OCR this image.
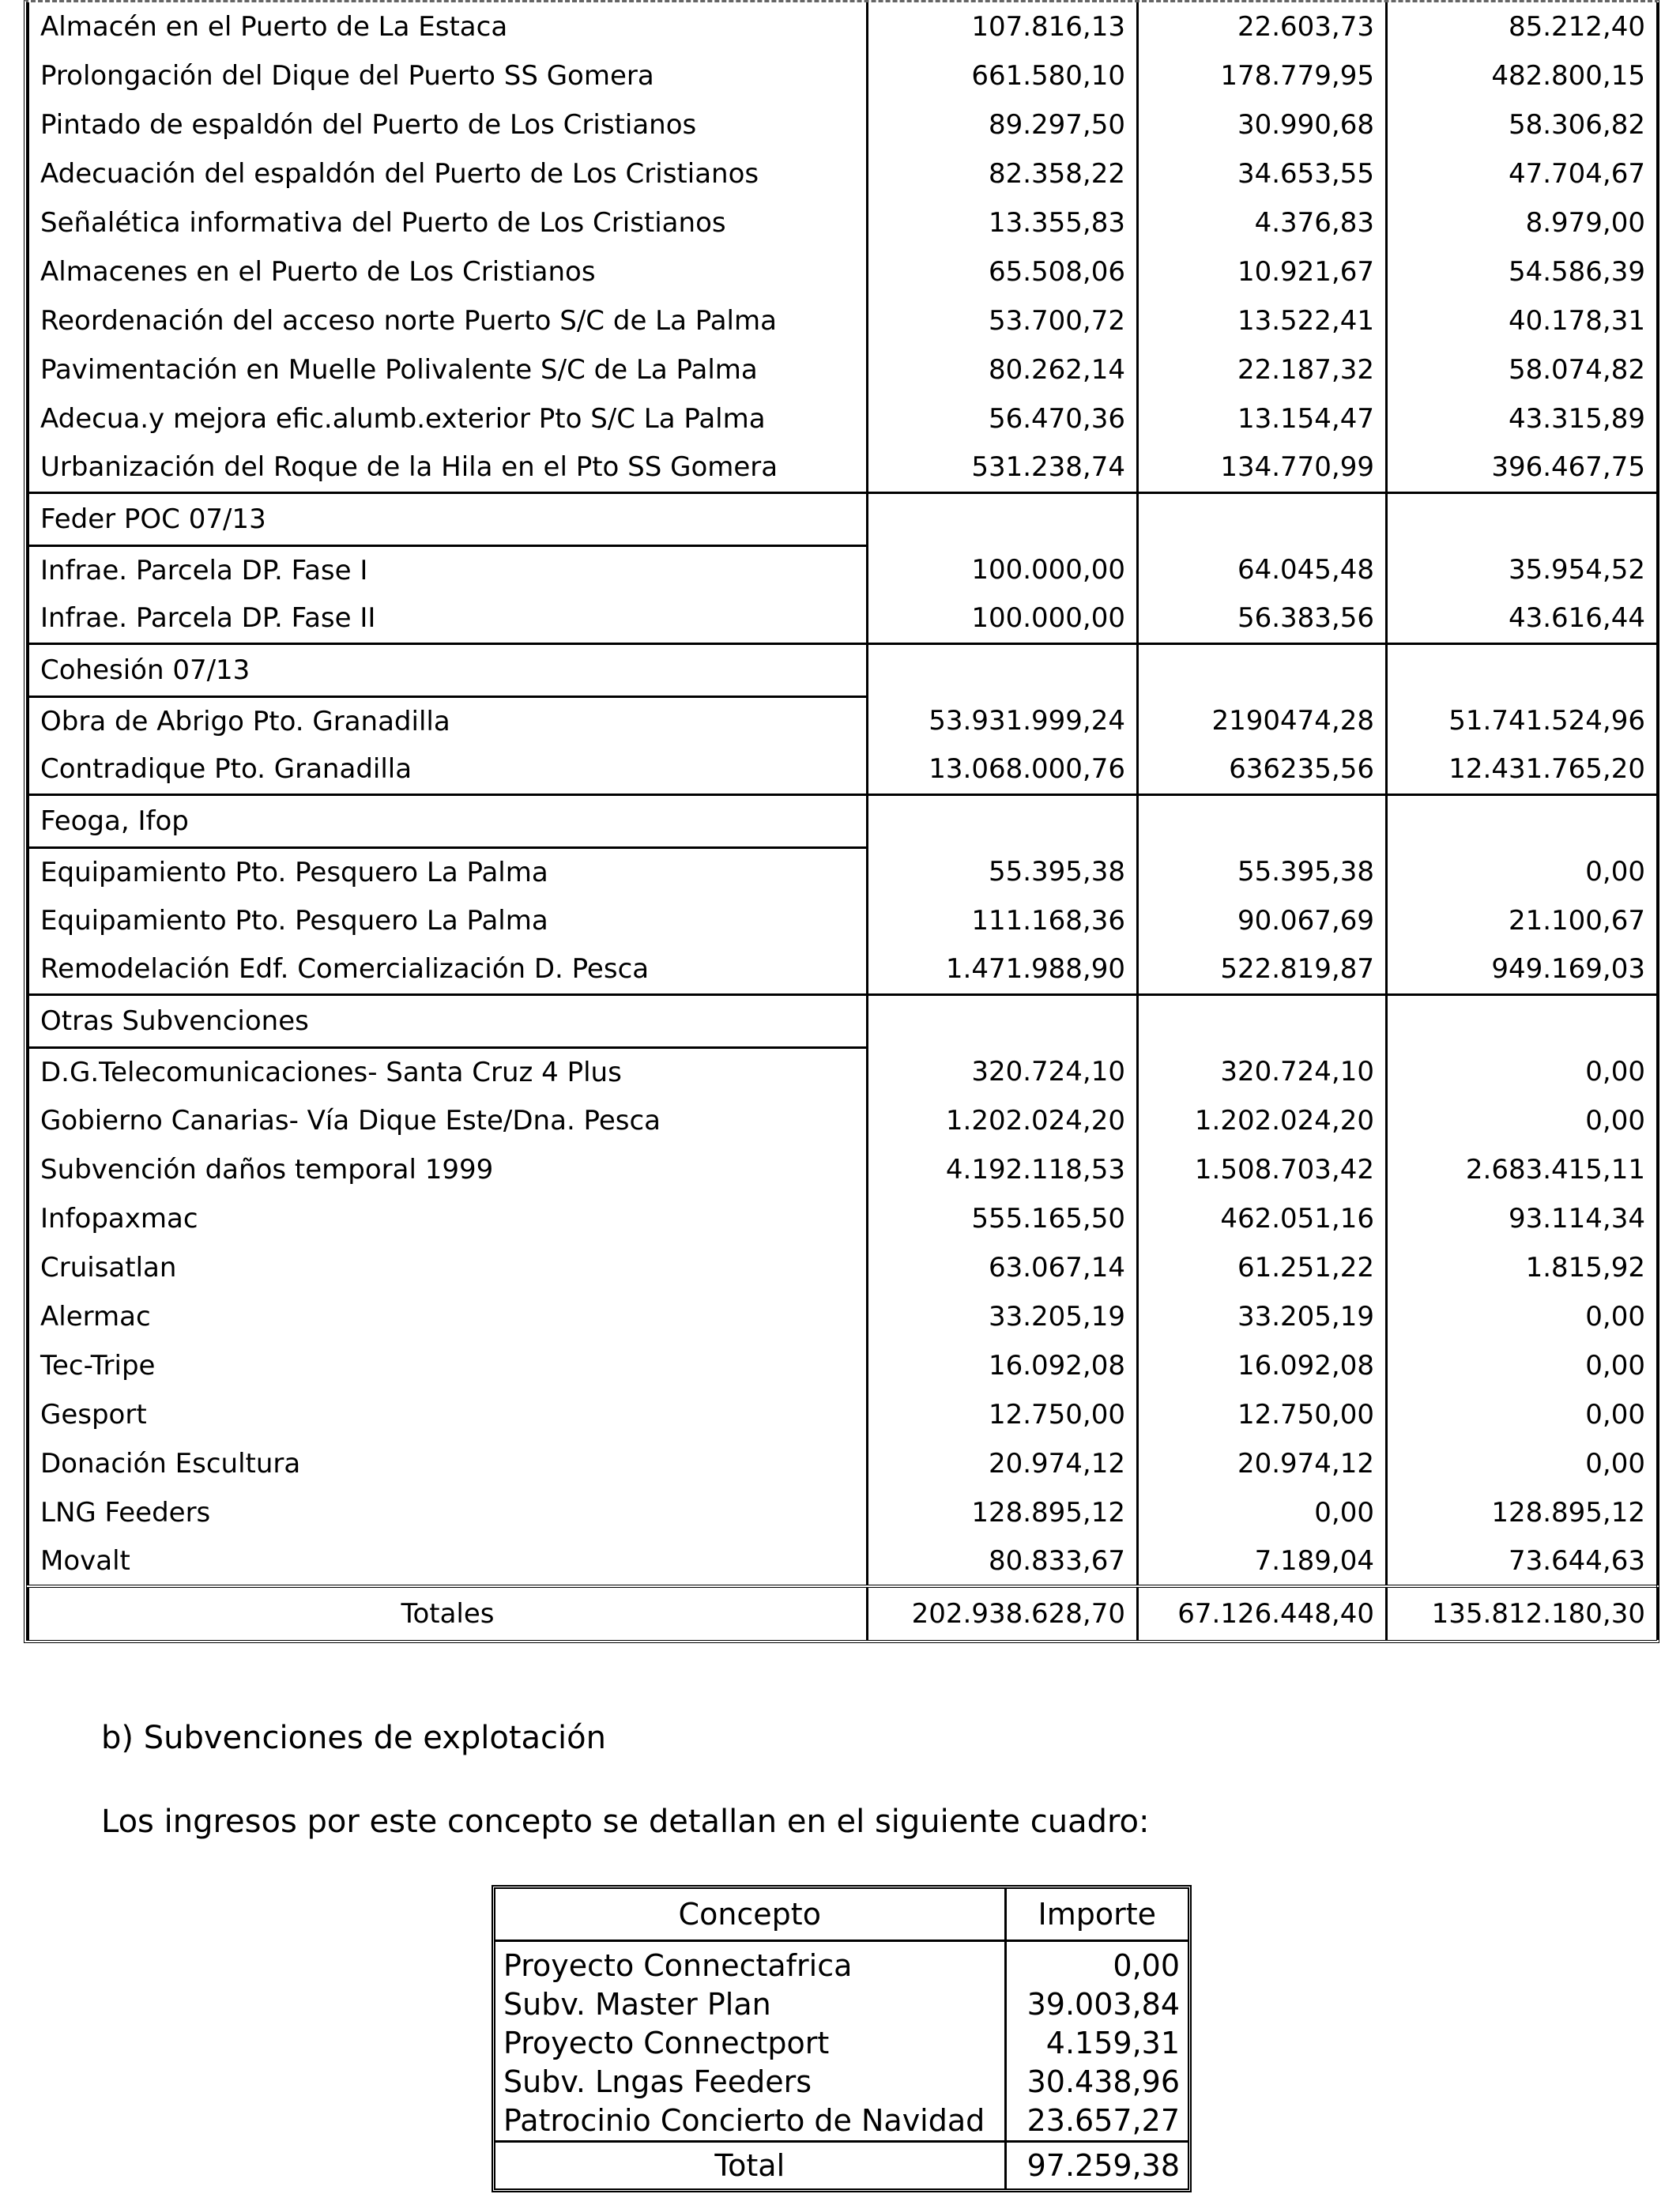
Almacén en el Puerto de La Estaca	107.816,13	22.603,73	85.212,40
Prolongación del Dique del Puerto SS Gomera	661.580,10	178.779,95	482.800,15
Pintado de espaldón del Puerto de Los Cristianos	89.297,50	30.990,68	58.306,82
Adecuación del espaldón del Puerto de Los Cristianos	82.358,22	34.653,55	47.704,67
Señalética informativa del Puerto de Los Cristianos	13.355,83	4.376,83	8.979,00
Almacenes en el Puerto de Los Cristianos	65.508,06	10.921,67	54.586,39
Reordenación del acceso norte Puerto S/C de La Palma	53.700,72	13.522,41	40.178,31
Pavimentación en Muelle Polivalente S/C de La Palma	80.262,14	22.187,32	58.074,82
Adecua.y mejora efic.alumb.exterior Pto S/C La Palma	56.470,36	13.154,47	43.315,89
Urbanización del Roque de la Hila en el Pto SS Gomera	531.238,74	134.770,99	396.467,75
Feder POC 07/13			
Infrae. Parcela DP. Fase I	100.000,00	64.045,48	35.954,52
Infrae. Parcela DP. Fase II	100.000,00	56.383,56	43.616,44
Cohesión 07/13			
Obra de Abrigo Pto. Granadilla	53.931.999,24	2190474,28	51.741.524,96
Contradique Pto. Granadilla	13.068.000,76	636235,56	12.431.765,20
Feoga, Ifop			
Equipamiento Pto. Pesquero La Palma	55.395,38	55.395,38	0,00
Equipamiento Pto. Pesquero La Palma	111.168,36	90.067,69	21.100,67
Remodelación Edf. Comercialización D. Pesca	1.471.988,90	522.819,87	949.169,03
Otras Subvenciones			
D.G.Telecomunicaciones- Santa Cruz 4 Plus	320.724,10	320.724,10	0,00
Gobierno Canarias- Vía Dique Este/Dna. Pesca	1.202.024,20	1.202.024,20	0,00
Subvención daños temporal 1999	4.192.118,53	1.508.703,42	2.683.415,11
Infopaxmac	555.165,50	462.051,16	93.114,34
Cruisatlan	63.067,14	61.251,22	1.815,92
Alermac	33.205,19	33.205,19	0,00
Tec-Tripe	16.092,08	16.092,08	0,00
Gesport	12.750,00	12.750,00	0,00
Donación Escultura	20.974,12	20.974,12	0,00
LNG Feeders	128.895,12	0,00	128.895,12
Movalt	80.833,67	7.189,04	73.644,63
Totales	202.938.628,70	67.126.448,40	135.812.180,30
b) Subvenciones de explotación
Los ingresos por este concepto se detallan en el siguiente cuadro:
Concepto	Importe
Proyecto Connectafrica	0,00
Subv. Master Plan	39.003,84
Proyecto Connectport	4.159,31
Subv. Lngas Feeders	30.438,96
Patrocinio Concierto de Navidad	23.657,27
Total	97.259,38
